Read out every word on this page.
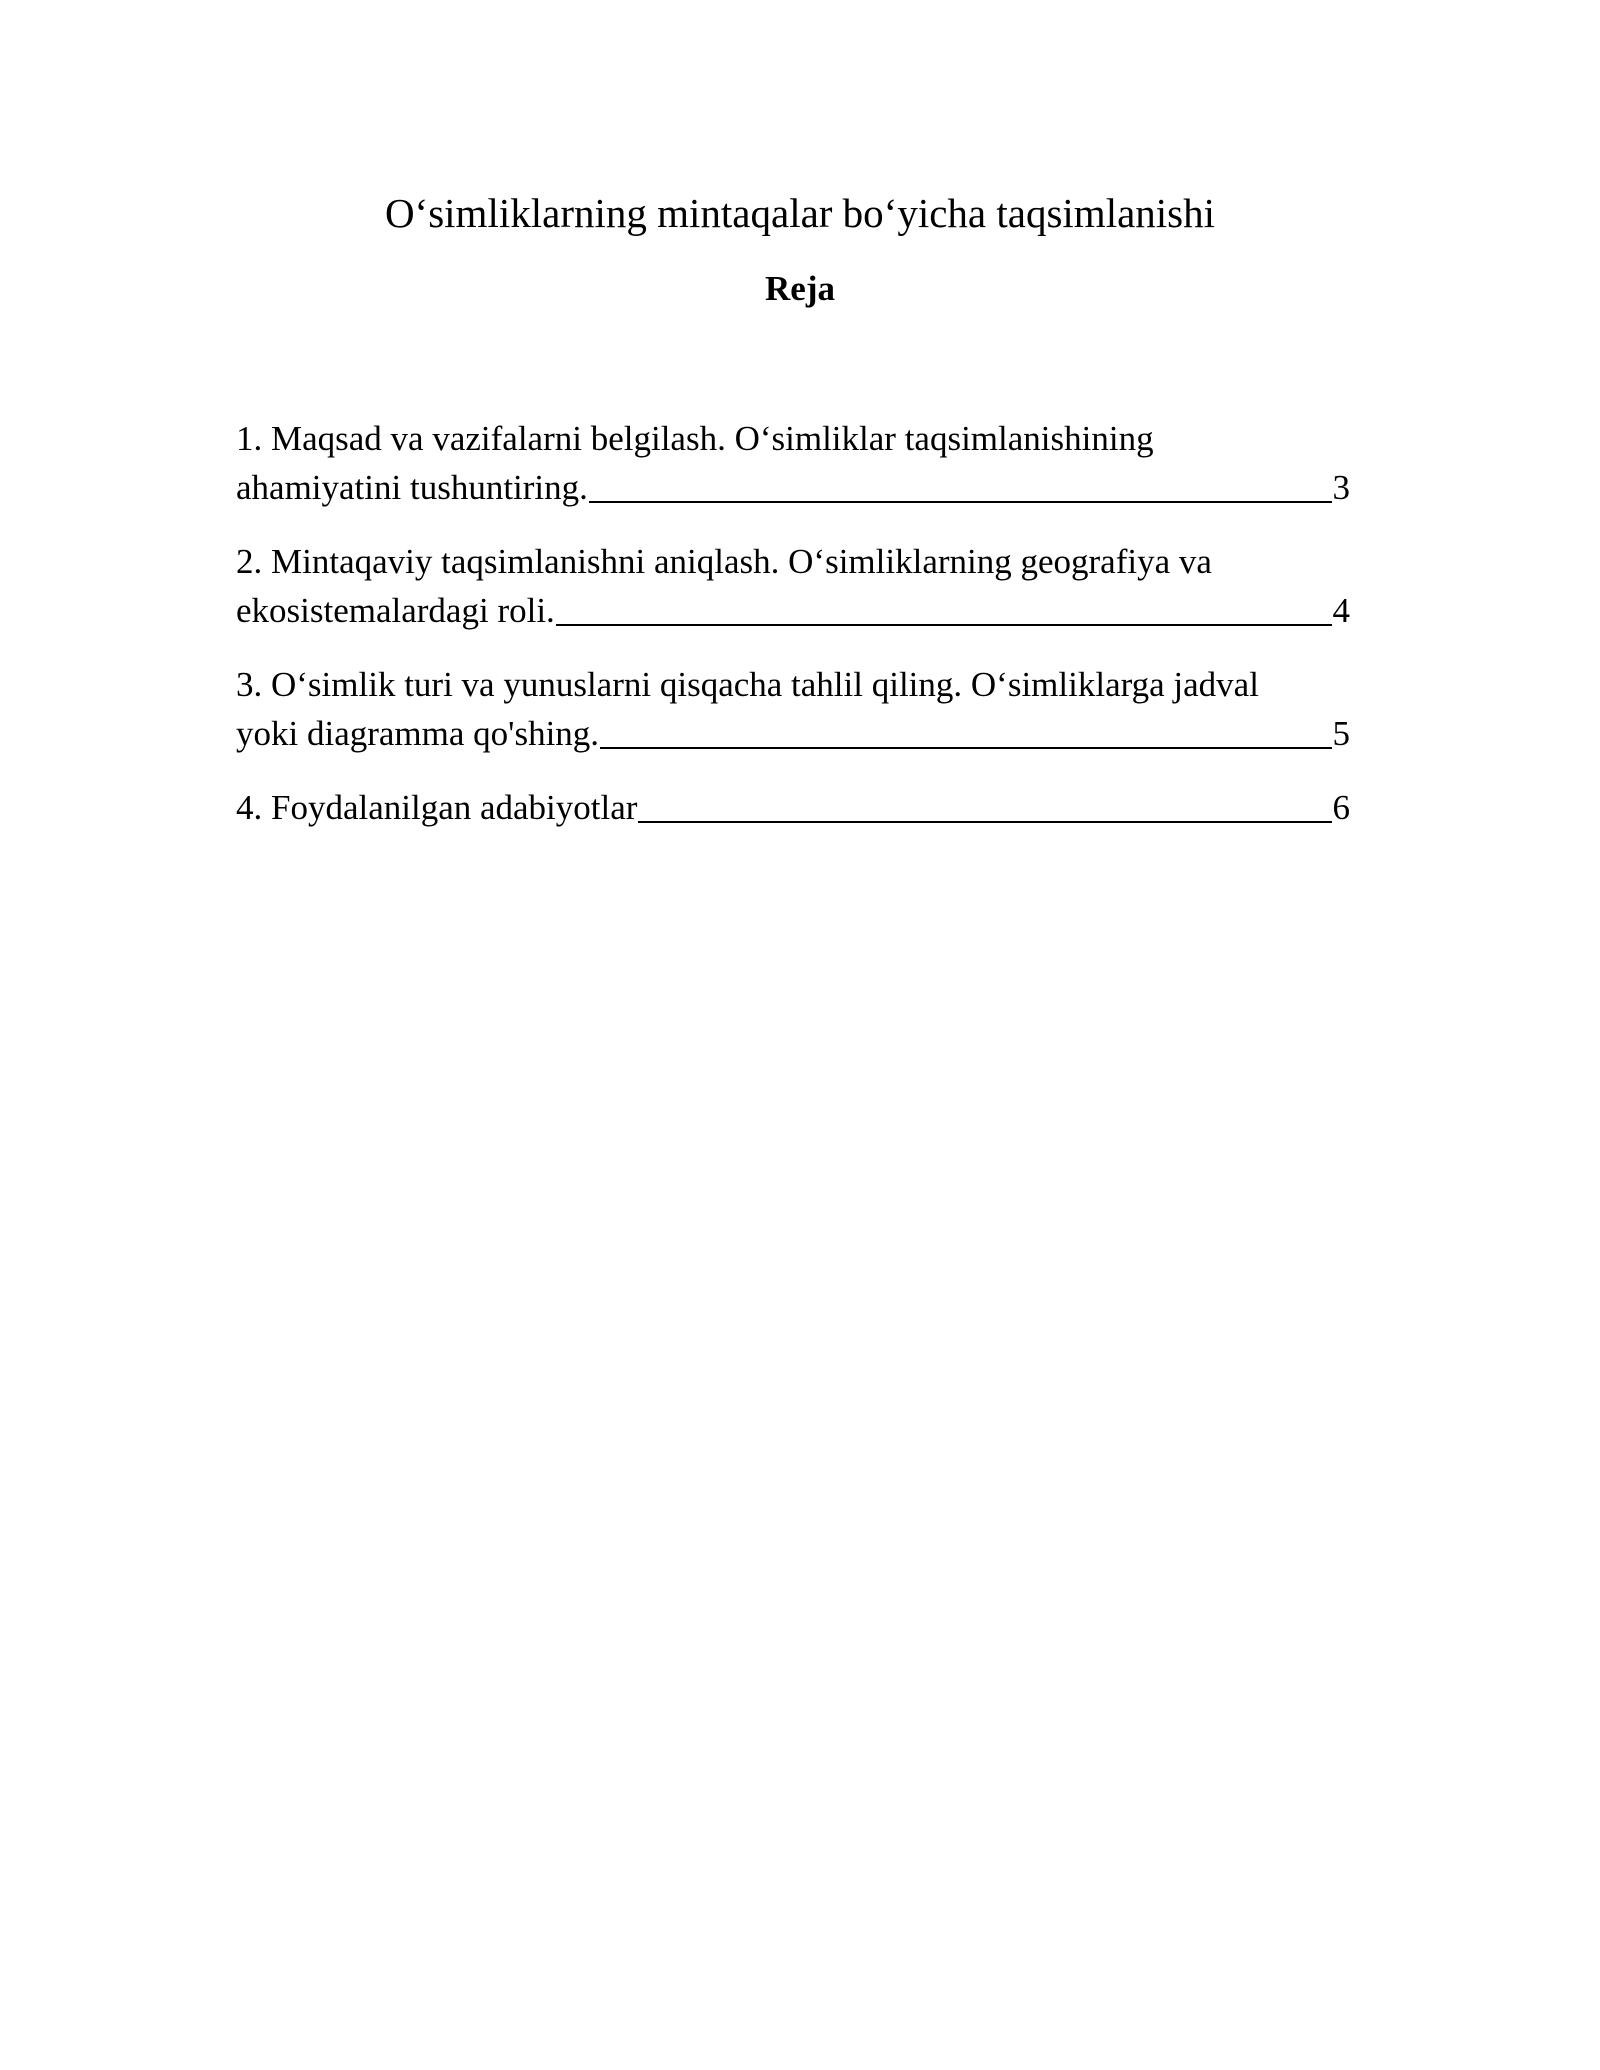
O‘simliklarning mintaqalar bo‘yicha taqsimlanishi
Reja
1. Maqsad va vazifalarni belgilash. O‘simliklar taqsimlanishining
ahamiyatini tushuntiring.	3
2. Mintaqaviy taqsimlanishni aniqlash. O‘simliklarning geografiya va
ekosistemalardagi roli.	4
3. O‘simlik turi va yunuslarni qisqacha tahlil qiling. O‘simliklarga jadval
yoki diagramma qo'shing.	5
4. Foydalanilgan adabiyotlar	6
